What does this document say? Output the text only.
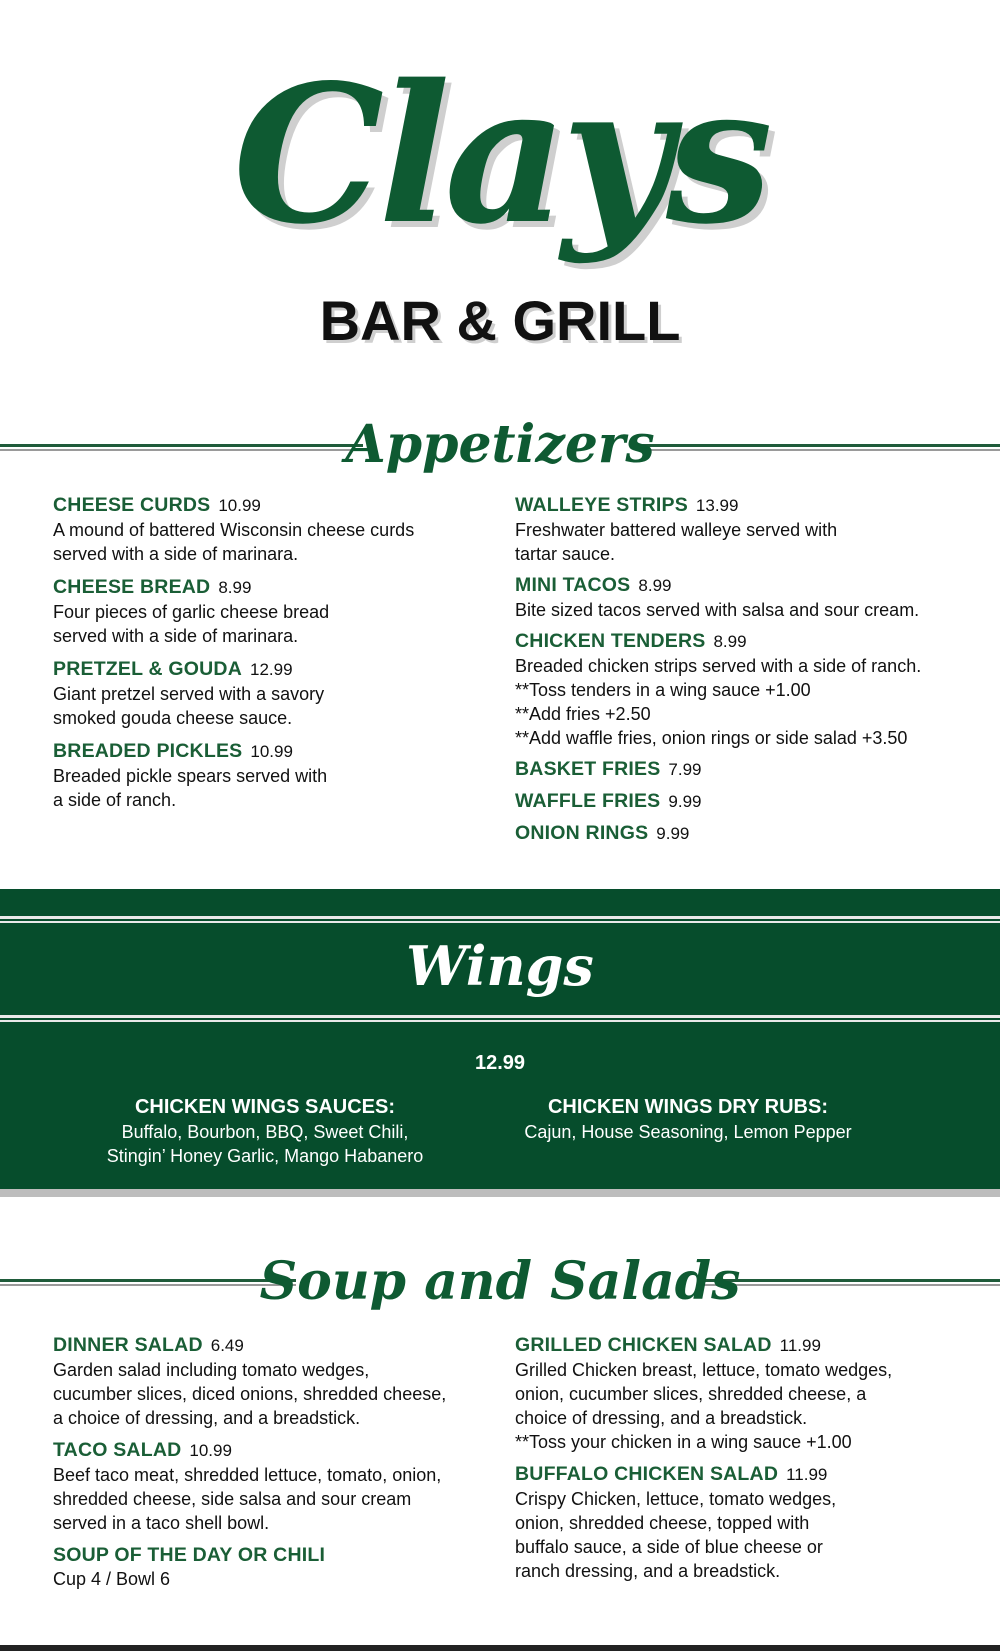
Clays
BAR & GRILL
Appetizers
CHEESE CURDS 10.99
A mound of battered Wisconsin cheese curds
served with a side of marinara.
CHEESE BREAD 8.99
Four pieces of garlic cheese bread
served with a side of marinara.
PRETZEL & GOUDA 12.99
Giant pretzel served with a savory
smoked gouda cheese sauce.
BREADED PICKLES 10.99
Breaded pickle spears served with
a side of ranch.
WALLEYE STRIPS 13.99
Freshwater battered walleye served with
tartar sauce.
MINI TACOS 8.99
Bite sized tacos served with salsa and sour cream.
CHICKEN TENDERS 8.99
Breaded chicken strips served with a side of ranch.
**Toss tenders in a wing sauce +1.00
**Add fries +2.50
**Add waffle fries, onion rings or side salad +3.50
BASKET FRIES 7.99
WAFFLE FRIES 9.99
ONION RINGS 9.99
Wings
12.99
CHICKEN WINGS SAUCES:
Buffalo, Bourbon, BBQ, Sweet Chili,
Stingin’ Honey Garlic, Mango Habanero
CHICKEN WINGS DRY RUBS:
Cajun, House Seasoning, Lemon Pepper
Soup and Salads
DINNER SALAD 6.49
Garden salad including tomato wedges,
cucumber slices, diced onions, shredded cheese,
a choice of dressing, and a breadstick.
TACO SALAD 10.99
Beef taco meat, shredded lettuce, tomato, onion,
shredded cheese, side salsa and sour cream
served in a taco shell bowl.
SOUP OF THE DAY OR CHILI
Cup 4 / Bowl 6
GRILLED CHICKEN SALAD 11.99
Grilled Chicken breast, lettuce, tomato wedges,
onion, cucumber slices, shredded cheese, a
choice of dressing, and a breadstick.
**Toss your chicken in a wing sauce +1.00
BUFFALO CHICKEN SALAD 11.99
Crispy Chicken, lettuce, tomato wedges,
onion, shredded cheese, topped with
buffalo sauce, a side of blue cheese or
ranch dressing, and a breadstick.
